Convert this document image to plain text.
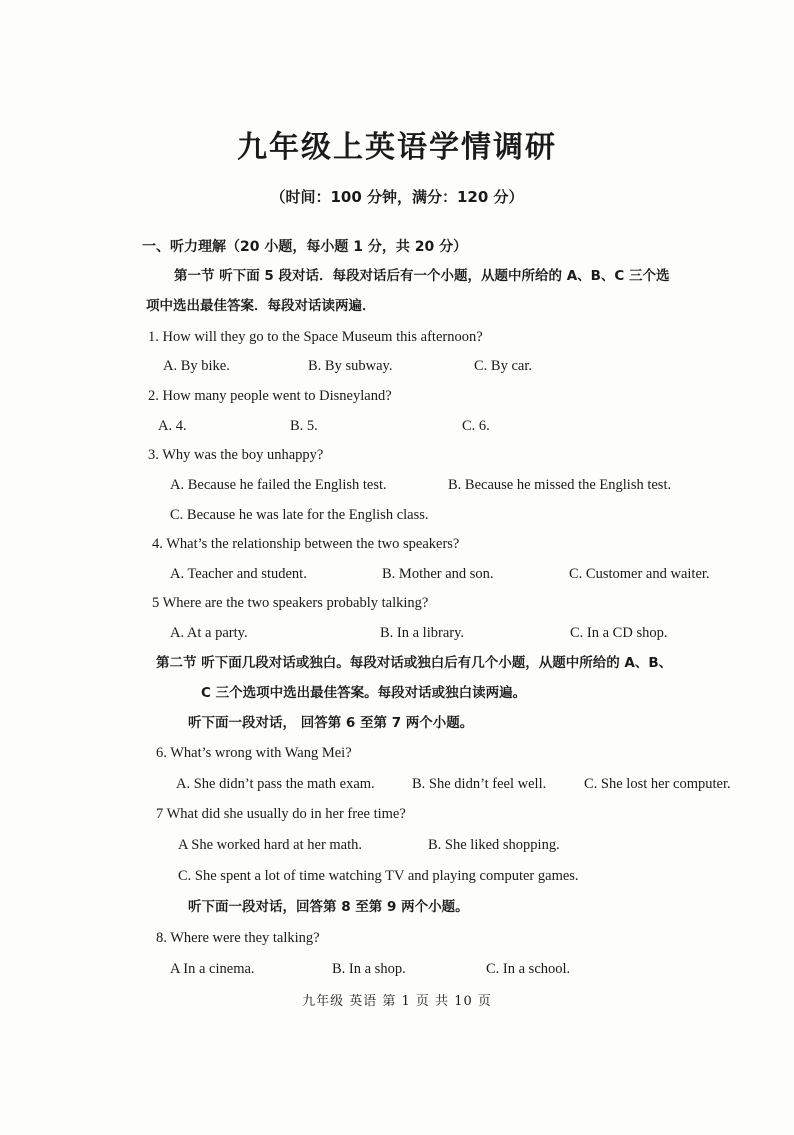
九年级上英语学情调研
（时间：100 分钟，满分：120 分）
一、听力理解（20 小题，每小题 1 分，共 20 分）
第一节 听下面 5 段对话．每段对话后有一个小题，从题中所给的 A、B、C 三个选
项中选出最佳答案．每段对话读两遍．
1. How will they go to the Space Museum this afternoon?
A. By bike.	B. By subway.	C. By car.
2. How many people went to Disneyland?
A. 4.	B. 5.	C. 6.
3. Why was the boy unhappy?
A. Because he failed the English test.	B. Because he missed the English test.
C. Because he was late for the English class.
4. What’s the relationship between the two speakers?
A. Teacher and student.	B. Mother and son.	C. Customer and waiter.
5 Where are the two speakers probably talking?
A. At a party.	B. In a library.	C. In a CD shop.
第二节 听下面几段对话或独白。每段对话或独白后有几个小题，从题中所给的 A、B、
C 三个选项中选出最佳答案。每段对话或独白读两遍。
听下面一段对话， 回答第 6 至第 7 两个小题。
6. What’s wrong with Wang Mei?
A. She didn’t pass the math exam.	B. She didn’t feel well.	C. She lost her computer.
7 What did she usually do in her free time?
A She worked hard at her math.	B. She liked shopping.
C. She spent a lot of time watching TV and playing computer games.
听下面一段对话，回答第 8 至第 9 两个小题。
8. Where were they talking?
A In a cinema.	B. In a shop.	C. In a school.
九年级 英语 第 1 页 共 10 页
